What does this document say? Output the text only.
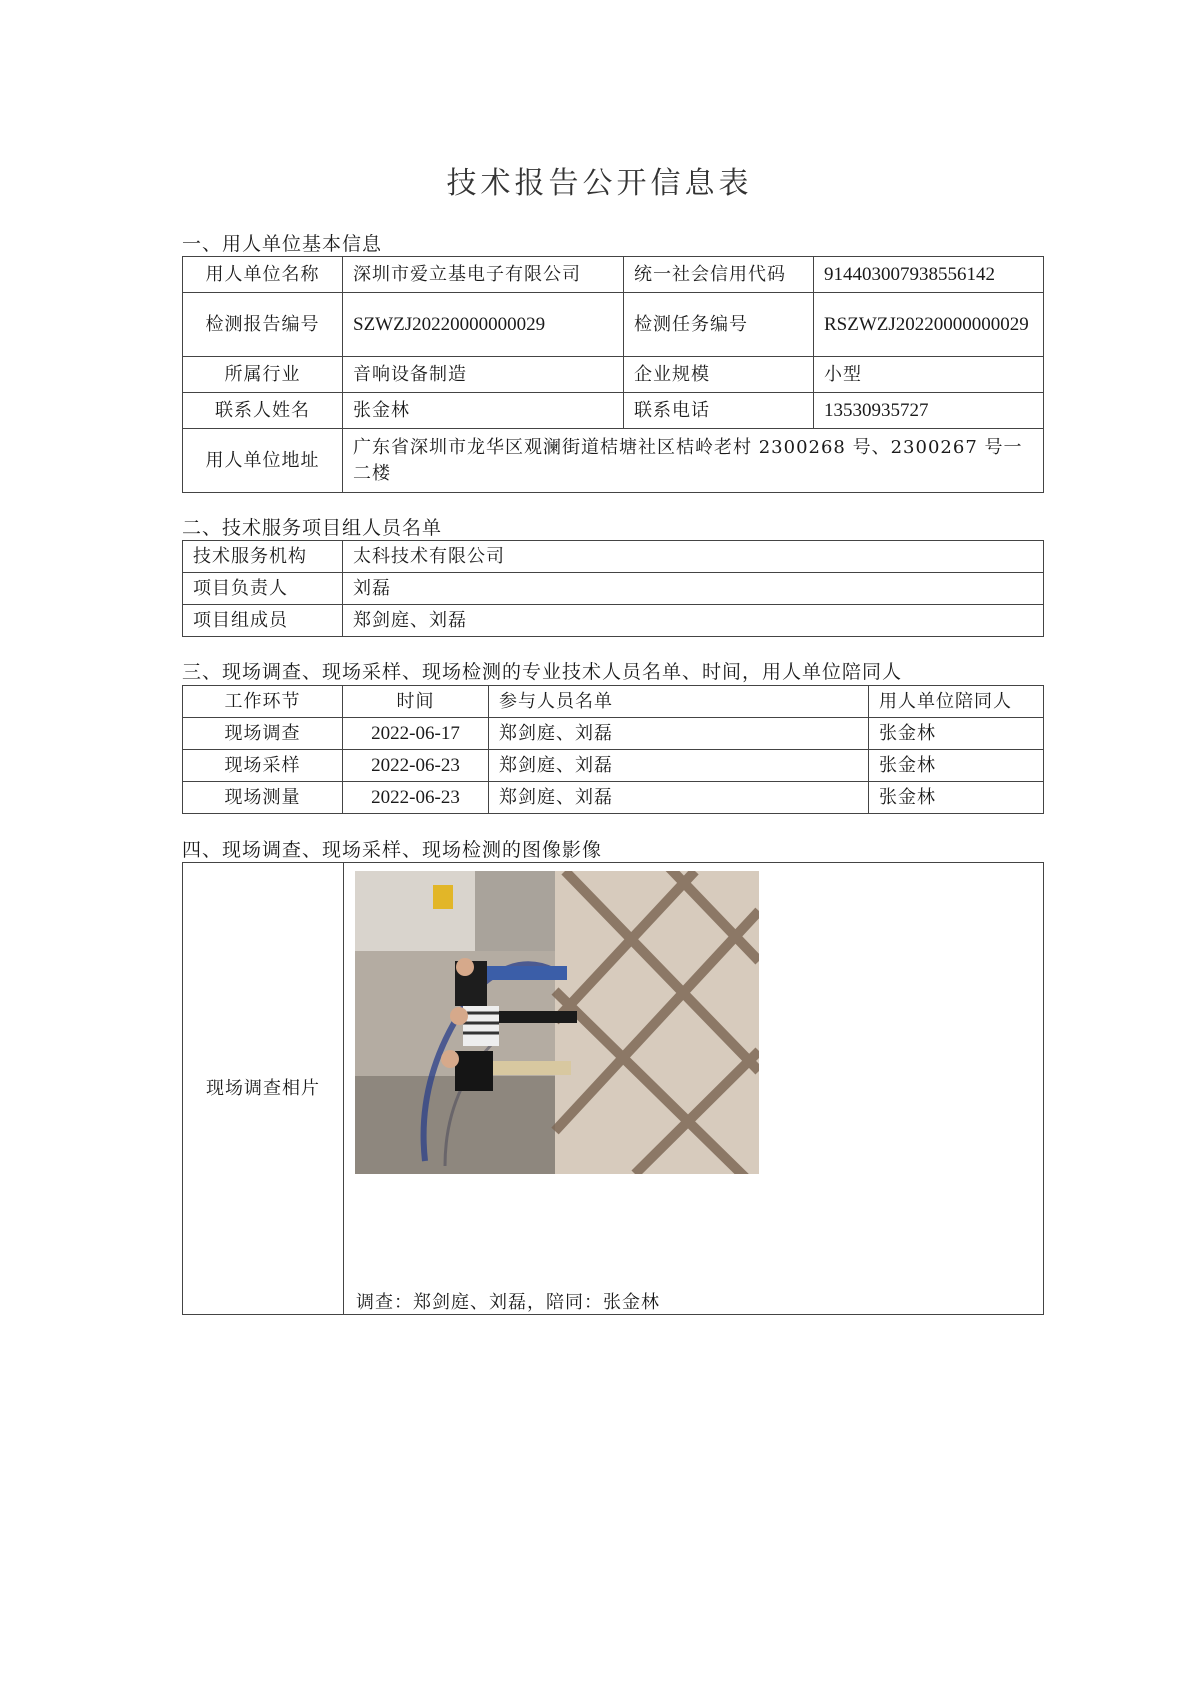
技术报告公开信息表
一、用人单位基本信息
用人单位名称	深圳市爱立基电子有限公司	统一社会信用代码	914403007938556142
检测报告编号	SZWZJ20220000000029	检测任务编号	RSZWZJ20220000000029
所属行业	音响设备制造	企业规模	小型
联系人姓名	张金林	联系电话	13530935727
用人单位地址	广东省深圳市龙华区观澜街道桔塘社区桔岭老村 2300268 号、2300267 号一二楼		
二、技术服务项目组人员名单
技术服务机构	太科技术有限公司
项目负责人	刘磊
项目组成员	郑剑庭、刘磊
三、现场调查、现场采样、现场检测的专业技术人员名单、时间，用人单位陪同人
工作环节	时间	参与人员名单	用人单位陪同人
现场调查	2022-06-17	郑剑庭、刘磊	张金林
现场采样	2022-06-23	郑剑庭、刘磊	张金林
现场测量	2022-06-23	郑剑庭、刘磊	张金林
四、现场调查、现场采样、现场检测的图像影像
现场调查相片	
调查：郑剑庭、刘磊，陪同：张金林
